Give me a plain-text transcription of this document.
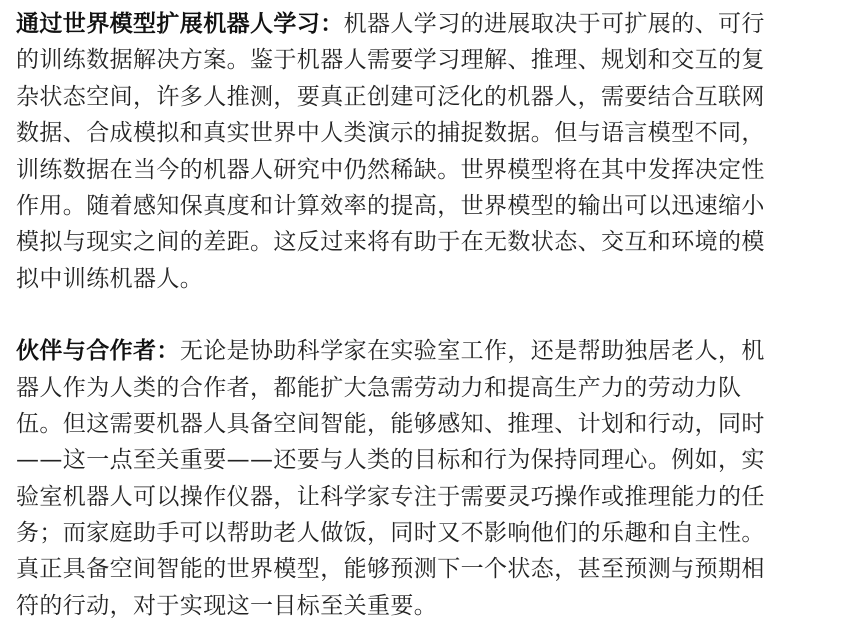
通过世界模型扩展机器人学习：机器人学习的进展取决于可扩展的、可行
的训练数据解决方案。鉴于机器人需要学习理解、推理、规划和交互的复
杂状态空间，许多人推测，要真正创建可泛化的机器人，需要结合互联网
数据、合成模拟和真实世界中人类演示的捕捉数据。但与语言模型不同，
训练数据在当今的机器人研究中仍然稀缺。世界模型将在其中发挥决定性
作用。随着感知保真度和计算效率的提高，世界模型的输出可以迅速缩小
模拟与现实之间的差距。这反过来将有助于在无数状态、交互和环境的模
拟中训练机器人。
伙伴与合作者：无论是协助科学家在实验室工作，还是帮助独居老人，机
器人作为人类的合作者，都能扩大急需劳动力和提高生产力的劳动力队
伍。但这需要机器人具备空间智能，能够感知、推理、计划和行动，同时
——这一点至关重要——还要与人类的目标和行为保持同理心。例如，实
验室机器人可以操作仪器，让科学家专注于需要灵巧操作或推理能力的任
务；而家庭助手可以帮助老人做饭，同时又不影响他们的乐趣和自主性。
真正具备空间智能的世界模型，能够预测下一个状态，甚至预测与预期相
符的行动，对于实现这一目标至关重要。
